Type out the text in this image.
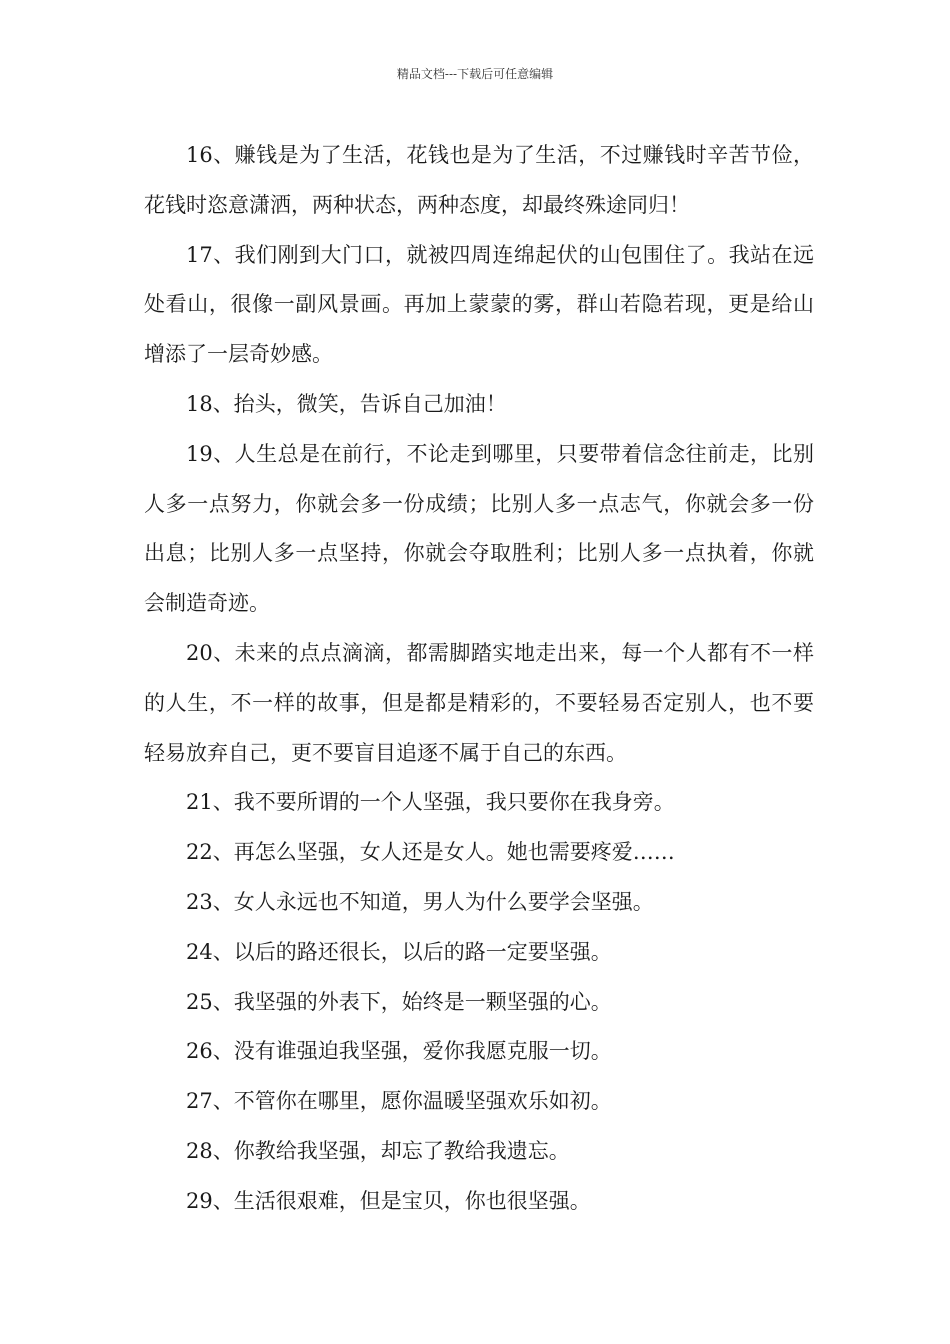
精品文档---下载后可任意编辑

16、赚钱是为了生活，花钱也是为了生活，不过赚钱时辛苦节俭，花钱时恣意潇洒，两种状态，两种态度，却最终殊途同归！

17、我们刚到大门口，就被四周连绵起伏的山包围住了。我站在远处看山，很像一副风景画。再加上蒙蒙的雾，群山若隐若现，更是给山增添了一层奇妙感。

18、抬头，微笑，告诉自己加油！

19、人生总是在前行，不论走到哪里，只要带着信念往前走，比别人多一点努力，你就会多一份成绩；比别人多一点志气，你就会多一份出息；比别人多一点坚持，你就会夺取胜利；比别人多一点执着，你就会制造奇迹。

20、未来的点点滴滴，都需脚踏实地走出来，每一个人都有不一样的人生，不一样的故事，但是都是精彩的，不要轻易否定别人，也不要轻易放弃自己，更不要盲目追逐不属于自己的东西。

21、我不要所谓的一个人坚强，我只要你在我身旁。

22、再怎么坚强，女人还是女人。她也需要疼爱……

23、女人永远也不知道，男人为什么要学会坚强。

24、以后的路还很长，以后的路一定要坚强。

25、我坚强的外表下，始终是一颗坚强的心。

26、没有谁强迫我坚强，爱你我愿克服一切。

27、不管你在哪里，愿你温暖坚强欢乐如初。

28、你教给我坚强，却忘了教给我遗忘。

29、生活很艰难，但是宝贝，你也很坚强。
